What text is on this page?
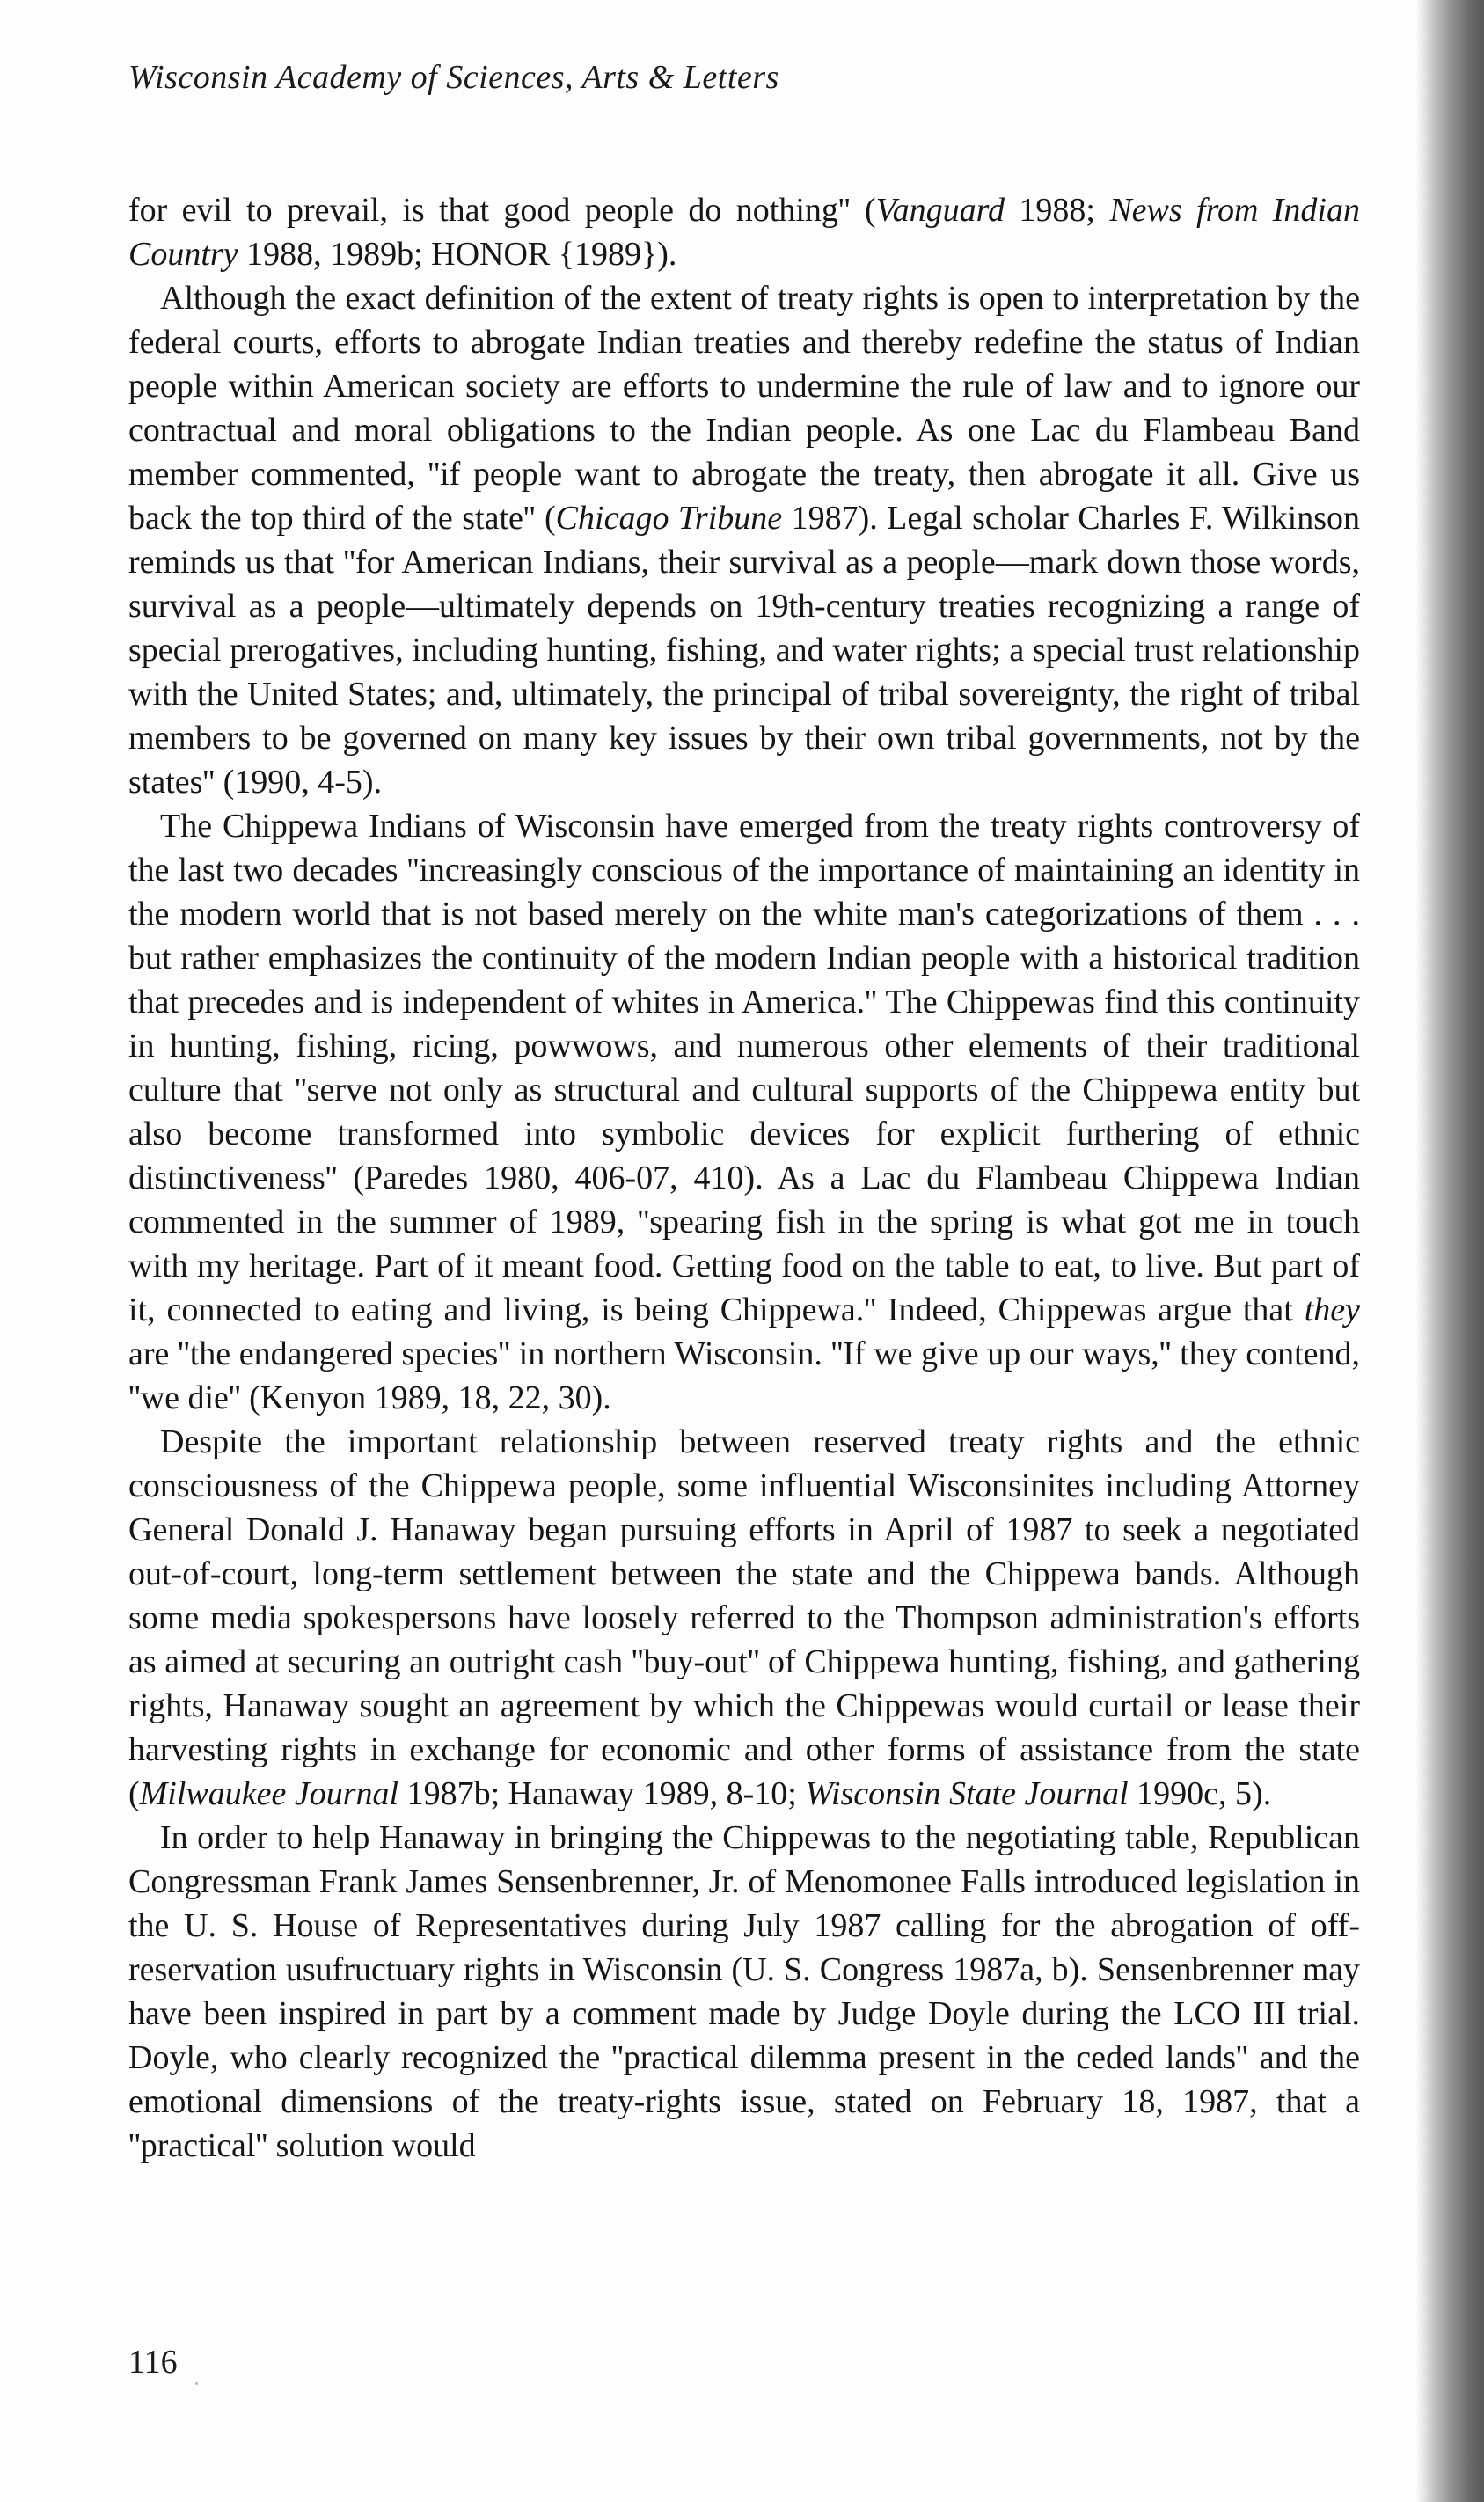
Wisconsin Academy of Sciences, Arts & Letters

for evil to prevail, is that good people do nothing'' (Vanguard 1988; News from Indian Country 1988, 1989b; HONOR {1989}).

Although the exact definition of the extent of treaty rights is open to interpretation by the federal courts, efforts to abrogate Indian treaties and thereby redefine the status of Indian people within American society are efforts to undermine the rule of law and to ignore our contractual and moral obligations to the Indian people. As one Lac du Flambeau Band member commented, ''if people want to abrogate the treaty, then abrogate it all. Give us back the top third of the state'' (Chicago Tribune 1987). Legal scholar Charles F. Wilkinson reminds us that ''for American Indians, their survival as a people—mark down those words, survival as a people—ultimately depends on 19th-century treaties recognizing a range of special prerogatives, including hunting, fishing, and water rights; a special trust relationship with the United States; and, ultimately, the principal of tribal sovereignty, the right of tribal members to be governed on many key issues by their own tribal governments, not by the states'' (1990, 4-5).

The Chippewa Indians of Wisconsin have emerged from the treaty rights controversy of the last two decades ''increasingly conscious of the importance of maintaining an identity in the modern world that is not based merely on the white man's categorizations of them . . . but rather emphasizes the continuity of the modern Indian people with a historical tradition that precedes and is independent of whites in America.'' The Chippewas find this continuity in hunting, fishing, ricing, powwows, and numerous other elements of their traditional culture that ''serve not only as structural and cultural supports of the Chippewa entity but also become transformed into symbolic devices for explicit furthering of ethnic distinctiveness'' (Paredes 1980, 406-07, 410). As a Lac du Flambeau Chippewa Indian commented in the summer of 1989, ''spearing fish in the spring is what got me in touch with my heritage. Part of it meant food. Getting food on the table to eat, to live. But part of it, connected to eating and living, is being Chippewa.'' Indeed, Chippewas argue that they are ''the endangered species'' in northern Wisconsin. ''If we give up our ways,'' they contend, ''we die'' (Kenyon 1989, 18, 22, 30).

Despite the important relationship between reserved treaty rights and the ethnic consciousness of the Chippewa people, some influential Wisconsinites including Attorney General Donald J. Hanaway began pursuing efforts in April of 1987 to seek a negotiated out-of-court, long-term settlement between the state and the Chippewa bands. Although some media spokespersons have loosely referred to the Thompson administration's efforts as aimed at securing an outright cash ''buy-out'' of Chippewa hunting, fishing, and gathering rights, Hanaway sought an agreement by which the Chippewas would curtail or lease their harvesting rights in exchange for economic and other forms of assistance from the state (Milwaukee Journal 1987b; Hanaway 1989, 8-10; Wisconsin State Journal 1990c, 5).

In order to help Hanaway in bringing the Chippewas to the negotiating table, Republican Congressman Frank James Sensenbrenner, Jr. of Menomonee Falls introduced legislation in the U. S. House of Representatives during July 1987 calling for the abrogation of off-reservation usufructuary rights in Wisconsin (U. S. Congress 1987a, b). Sensenbrenner may have been inspired in part by a comment made by Judge Doyle during the LCO III trial. Doyle, who clearly recognized the ''practical dilemma present in the ceded lands'' and the emotional dimensions of the treaty-rights issue, stated on February 18, 1987, that a ''practical'' solution would

116
